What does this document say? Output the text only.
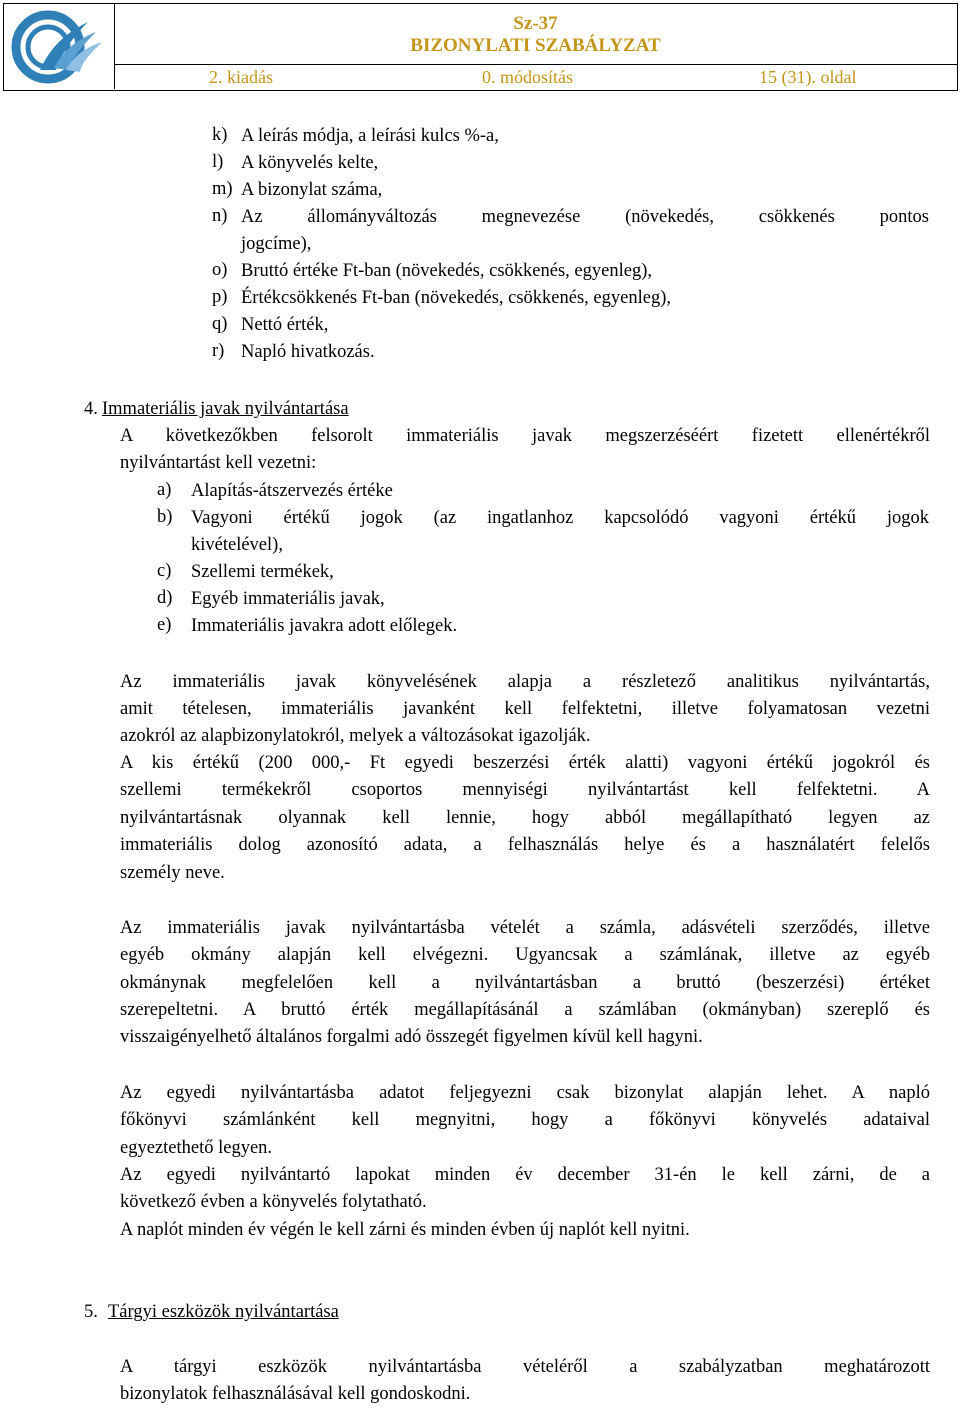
Sz-37
BIZONYLATI SZABÁLYZAT
2. kiadás	0. módosítás	15 (31). oldal
k) A leírás módja, a leírási kulcs %-a,
l) A könyvelés kelte,
m) A bizonylat száma,
n) Az állományváltozás megnevezése (növekedés, csökkenés pontos
jogcíme),
o) Bruttó értéke Ft-ban (növekedés, csökkenés, egyenleg),
p) Értékcsökkenés Ft-ban (növekedés, csökkenés, egyenleg),
q) Nettó érték,
r) Napló hivatkozás.
4. Immateriális javak nyilvántartása
A következőkben felsorolt immateriális javak megszerzéséért fizetett ellenértékről
nyilvántartást kell vezetni:
a) Alapítás-átszervezés értéke
b) Vagyoni értékű jogok (az ingatlanhoz kapcsolódó vagyoni értékű jogok
kivételével),
c) Szellemi termékek,
d) Egyéb immateriális javak,
e) Immateriális javakra adott előlegek.
Az immateriális javak könyvelésének alapja a részletező analitikus nyilvántartás,
amit tételesen, immateriális javanként kell felfektetni, illetve folyamatosan vezetni
azokról az alapbizonylatokról, melyek a változásokat igazolják.
A kis értékű (200 000,- Ft egyedi beszerzési érték alatti) vagyoni értékű jogokról és
szellemi termékekről csoportos mennyiségi nyilvántartást kell felfektetni. A
nyilvántartásnak olyannak kell lennie, hogy abból megállapítható legyen az
immateriális dolog azonosító adata, a felhasználás helye és a használatért felelős
személy neve.
Az immateriális javak nyilvántartásba vételét a számla, adásvételi szerződés, illetve
egyéb okmány alapján kell elvégezni. Ugyancsak a számlának, illetve az egyéb
okmánynak megfelelően kell a nyilvántartásban a bruttó (beszerzési) értéket
szerepeltetni. A bruttó érték megállapításánál a számlában (okmányban) szereplő és
visszaigényelhető általános forgalmi adó összegét figyelmen kívül kell hagyni.
Az egyedi nyilvántartásba adatot feljegyezni csak bizonylat alapján lehet. A napló
főkönyvi számlánként kell megnyitni, hogy a főkönyvi könyvelés adataival
egyeztethető legyen.
Az egyedi nyilvántartó lapokat minden év december 31-én le kell zárni, de a
következő évben a könyvelés folytatható.
A naplót minden év végén le kell zárni és minden évben új naplót kell nyitni.
5. Tárgyi eszközök nyilvántartása
A tárgyi eszközök nyilvántartásba vételéről a szabályzatban meghatározott
bizonylatok felhasználásával kell gondoskodni.
